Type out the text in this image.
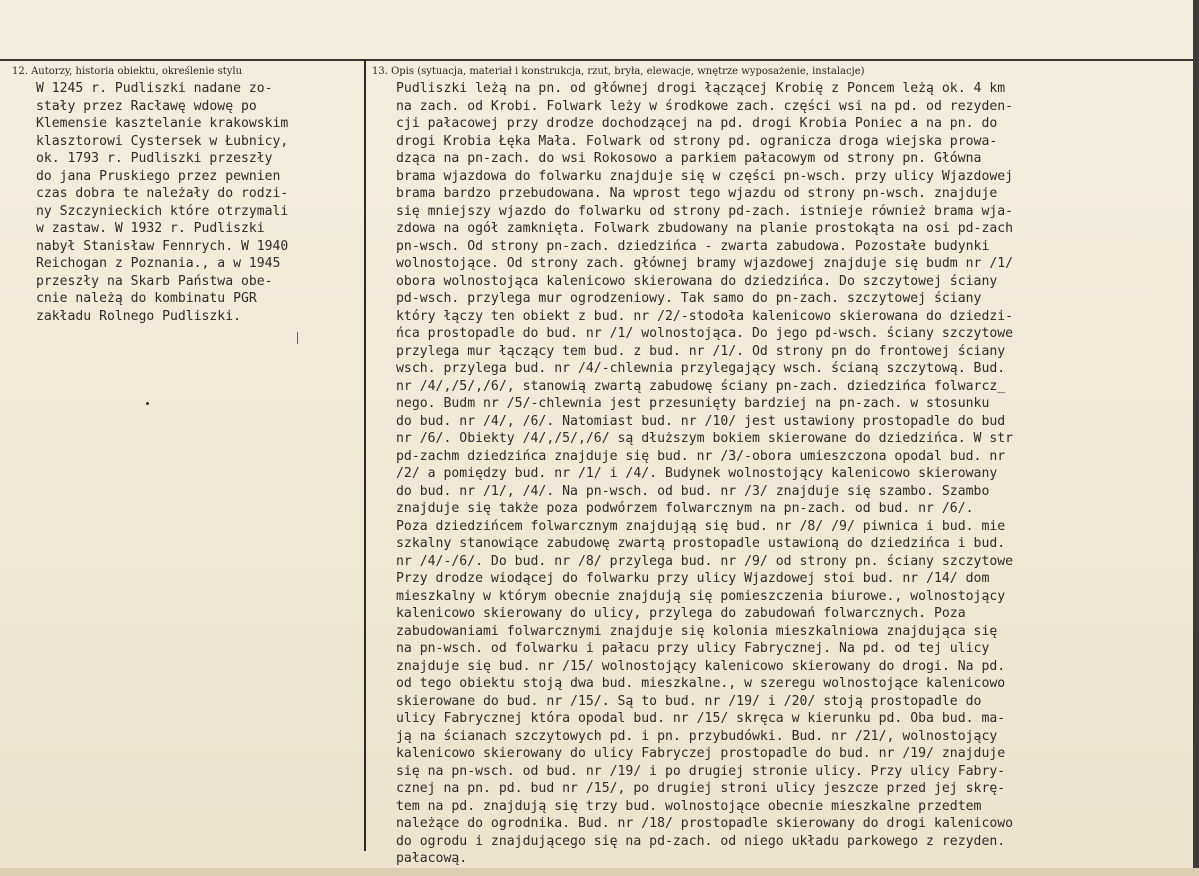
12. Autorzy, historia obiektu, określenie stylu	13. Opis (sytuacja, materiał i konstrukcja, rzut, bryła, elewacje, wnętrze wyposażenie, instalacje)
W 1245 r. Pudliszki nadane zo-
stały przez Racławę wdowę po
Klemensie kasztelanie krakowskim
klasztorowi Cystersek w Łubnicy,
ok. 1793 r. Pudliszki przeszły
do jana Pruskiego przez pewnien
czas dobra te należały do rodzi-
ny Szczynieckich które otrzymali
w zastaw. W 1932 r. Pudliszki
nabył Stanisław Fennrych. W 1940
Reichogan z Poznania., a w 1945
przeszły na Skarb Państwa obe-
cnie należą do kombinatu PGR
zakładu Rolnego Pudliszki.
Pudliszki leżą na pn. od głównej drogi łączącej Krobię z Poncem leżą ok. 4 km
na zach. od Krobi. Folwark leży w środkowe zach. części wsi na pd. od rezyden-
cji pałacowej przy drodze dochodzącej na pd. drogi Krobia Poniec a na pn. do
drogi Krobia Łęka Mała. Folwark od strony pd. ogranicza droga wiejska prowa-
dząca na pn-zach. do wsi Rokosowo a parkiem pałacowym od strony pn. Główna
brama wjazdowa do folwarku znajduje się w części pn-wsch. przy ulicy Wjazdowej
brama bardzo przebudowana. Na wprost tego wjazdu od strony pn-wsch. znajduje
się mniejszy wjazdo do folwarku od strony pd-zach. istnieje również brama wja-
zdowa na ogół zamknięta. Folwark zbudowany na planie prostokąta na osi pd-zach
pn-wsch. Od strony pn-zach. dziedzińca - zwarta zabudowa. Pozostałe budynki
wolnostojące. Od strony zach. głównej bramy wjazdowej znajduje się budm nr /1/
obora wolnostojąca kalenicowo skierowana do dziedzińca. Do szczytowej ściany
pd-wsch. przylega mur ogrodzeniowy. Tak samo do pn-zach. szczytowej ściany
który łączy ten obiekt z bud. nr /2/-stodoła kalenicowo skierowana do dziedzi-
ńca prostopadle do bud. nr /1/ wolnostojąca. Do jego pd-wsch. ściany szczytowe
przylega mur łączący tem bud. z bud. nr /1/. Od strony pn do frontowej ściany
wsch. przylega bud. nr /4/-chlewnia przylegający wsch. ścianą szczytową. Bud.
nr /4/,/5/,/6/, stanowią zwartą zabudowę ściany pn-zach. dziedzińca folwarcz_
nego. Budm nr /5/-chlewnia jest przesunięty bardziej na pn-zach. w stosunku
do bud. nr /4/, /6/. Natomiast bud. nr /10/ jest ustawiony prostopadle do bud
nr /6/. Obiekty /4/,/5/,/6/ są dłuższym bokiem skierowane do dziedzińca. W str
pd-zachm dziedzińca znajduje się bud. nr /3/-obora umieszczona opodal bud. nr
/2/ a pomiędzy bud. nr /1/ i /4/. Budynek wolnostojący kalenicowo skierowany
do bud. nr /1/, /4/. Na pn-wsch. od bud. nr /3/ znajduje się szambo. Szambo
znajduje się także poza podwórzem folwarcznym na pn-zach. od bud. nr /6/.
Poza dziedzińcem folwarcznym znajdująą się bud. nr /8/ /9/ piwnica i bud. mie
szkalny stanowiące zabudowę zwartą prostopadle ustawioną do dziedzińca i bud.
nr /4/-/6/. Do bud. nr /8/ przylega bud. nr /9/ od strony pn. ściany szczytowe
Przy drodze wiodącej do folwarku przy ulicy Wjazdowej stoi bud. nr /14/ dom
mieszkalny w którym obecnie znajdują się pomieszczenia biurowe., wolnostojący
kalenicowo skierowany do ulicy, przylega do zabudowań folwarcznych. Poza
zabudowaniami folwarcznymi znajduje się kolonia mieszkalniowa znajdująca się
na pn-wsch. od folwarku i pałacu przy ulicy Fabrycznej. Na pd. od tej ulicy
znajduje się bud. nr /15/ wolnostojący kalenicowo skierowany do drogi. Na pd.
od tego obiektu stoją dwa bud. mieszkalne., w szeregu wolnostojące kalenicowo
skierowane do bud. nr /15/. Są to bud. nr /19/ i /20/ stoją prostopadle do
ulicy Fabrycznej która opodal bud. nr /15/ skręca w kierunku pd. Oba bud. ma-
ją na ścianach szczytowych pd. i pn. przybudówki. Bud. nr /21/, wolnostojący
kalenicowo skierowany do ulicy Fabryczej prostopadle do bud. nr /19/ znajduje
się na pn-wsch. od bud. nr /19/ i po drugiej stronie ulicy. Przy ulicy Fabry-
cznej na pn. pd. bud nr /15/, po drugiej stroni ulicy jeszcze przed jej skrę-
tem na pd. znajdują się trzy bud. wolnostojące obecnie mieszkalne przedtem
należące do ogrodnika. Bud. nr /18/ prostopadle skierowany do drogi kalenicowo
do ogrodu i znajdującego się na pd-zach. od niego układu parkowego z rezyden.
pałacową.
